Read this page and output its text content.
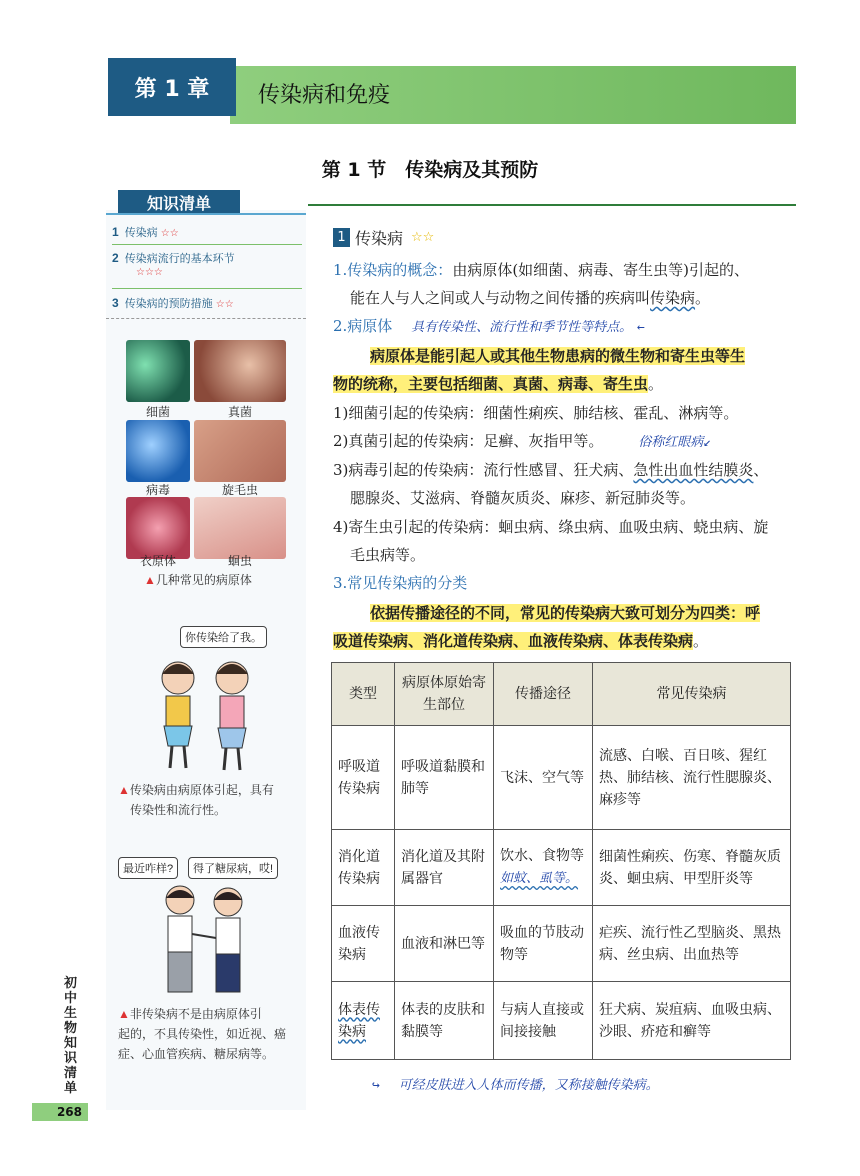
第 1 章	传染病和免疫
第 1 节　传染病及其预防
知识清单
1 传染病 ☆☆
2 传染病流行的基本环节
☆☆☆
3 传染病的预防措施 ☆☆
细菌	真菌
病毒	旋毛虫
衣原体	蛔虫
▲几种常见的病原体
你传染给了我。
▲传染病由病原体引起，具有
传染性和流行性。
最近咋样?	得了糖尿病，哎!
▲非传染病不是由病原体引
起的，不具传染性，如近视、癌
症、心血管疾病、糖尿病等。
初中生物知识清单
268
1 传染病 ☆☆
1.传染病的概念：由病原体(如细菌、病毒、寄生虫等)引起的、
能在人与人之间或人与动物之间传播的疾病叫传染病。
2.病原体 具有传染性、流行性和季节性等特点。 ←
病原体是能引起人或其他生物患病的微生物和寄生虫等生
物的统称，主要包括细菌、真菌、病毒、寄生虫。
1)细菌引起的传染病：细菌性痢疾、肺结核、霍乱、淋病等。
2)真菌引起的传染病：足癣、灰指甲等。	俗称红眼病↙
3)病毒引起的传染病：流行性感冒、狂犬病、急性出血性结膜炎、
腮腺炎、艾滋病、脊髓灰质炎、麻疹、新冠肺炎等。
4)寄生虫引起的传染病：蛔虫病、绦虫病、血吸虫病、蛲虫病、旋
毛虫病等。
3.常见传染病的分类
依据传播途径的不同，常见的传染病大致可划分为四类：呼
吸道传染病、消化道传染病、血液传染病、体表传染病。
类型	病原体原始寄生部位	传播途径	常见传染病
呼吸道传染病	呼吸道黏膜和肺等	飞沫、空气等	流感、白喉、百日咳、猩红热、肺结核、流行性腮腺炎、麻疹等
消化道传染病	消化道及其附属器官	饮水、食物等
如蚊、虱等。	细菌性痢疾、伤寒、脊髓灰质炎、蛔虫病、甲型肝炎等
血液传染病	血液和淋巴等	吸血的节肢动物等	疟疾、流行性乙型脑炎、黑热病、丝虫病、出血热等
体表传染病	体表的皮肤和黏膜等	与病人直接或间接接触	狂犬病、炭疽病、血吸虫病、沙眼、疥疮和癣等
↪ 可经皮肤进入人体而传播，又称接触传染病。
